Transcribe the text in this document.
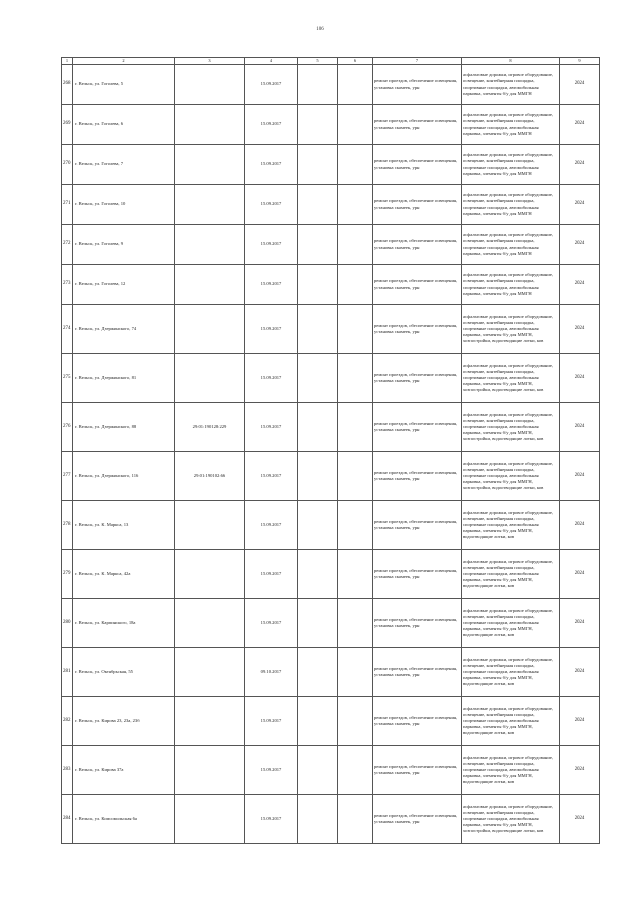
106
1	2	3	4	5	6	7	8	9
268	г. Вельск, ул. Гоголева, 5		15.09.2017			ремонт проездов, обеспечение освещения, установка скамеек, урн	асфальтовые дорожки, игровое оборудование, освещение, контейнерная площадка, спортивные площадки, автомобильная парковка, элементы б/у для ММГН	2024
269	г. Вельск, ул. Гоголева, 6		15.09.2017			ремонт проездов, обеспечение освещения, установка скамеек, урн	асфальтовые дорожки, игровое оборудование, освещение, контейнерная площадка, спортивные площадки, автомобильная парковка, элементы б/у для ММГН	2024
270	г. Вельск, ул. Гоголева, 7		15.09.2017			ремонт проездов, обеспечение освещения, установка скамеек, урн	асфальтовые дорожки, игровое оборудование, освещение, контейнерная площадка, спортивные площадки, автомобильная парковка, элементы б/у для ММГН	2024
271	г. Вельск, ул. Гоголева, 10		15.09.2017			ремонт проездов, обеспечение освещения, установка скамеек, урн	асфальтовые дорожки, игровое оборудование, освещение, контейнерная площадка, спортивные площадки, автомобильная парковка, элементы б/у для ММГН	2024
272	г. Вельск, ул. Гоголева, 9		15.09.2017			ремонт проездов, обеспечение освещения, установка скамеек, урн	асфальтовые дорожки, игровое оборудование, освещение, контейнерная площадка, спортивные площадки, автомобильная парковка, элементы б/у для ММГН	2024
273	г. Вельск, ул. Гоголева, 12		15.09.2017			ремонт проездов, обеспечение освещения, установка скамеек, урн	асфальтовые дорожки, игровое оборудование, освещение, контейнерная площадка, спортивные площадки, автомобильная парковка, элементы б/у для ММГН	2024
274	г. Вельск, ул. Дзержинского, 74		15.09.2017			ремонт проездов, обеспечение освещения, установка скамеек, урн	асфальтовые дорожки, игровое оборудование, освещение, контейнерная площадка, спортивные площадки, автомобильная парковка, элементы б/у для ММГН, хозпостройки, водоотводящие лотки, ков	2024
275	г. Вельск, ул. Дзержинского, 81		15.09.2017			ремонт проездов, обеспечение освещения, установка скамеек, урн	асфальтовые дорожки, игровое оборудование, освещение, контейнерная площадка, спортивные площадки, автомобильная парковка, элементы б/у для ММГН, хозпостройки, водоотводящие лотки, ков	2024
276	г. Вельск, ул. Дзержинского, 88	29:01:190128:229	15.09.2017			ремонт проездов, обеспечение освещения, установка скамеек, урн	асфальтовые дорожки, игровое оборудование, освещение, контейнерная площадка, спортивные площадки, автомобильная парковка, элементы б/у для ММГН, хозпостройки, водоотводящие лотки, ков	2024
277	г. Вельск, ул. Дзержинского, 116	29:01:190102:66	15.09.2017			ремонт проездов, обеспечение освещения, установка скамеек, урн	асфальтовые дорожки, игровое оборудование, освещение, контейнерная площадка, спортивные площадки, автомобильная парковка, элементы б/у для ММГН, хозпостройки, водоотводящие лотки, ков	2024
278	г. Вельск, ул. К. Маркса, 13		15.09.2017			ремонт проездов, обеспечение освещения, установка скамеек, урн	асфальтовые дорожки, игровое оборудование, освещение, контейнерная площадка, спортивные площадки, автомобильная парковка, элементы б/у для ММГН, водоотводящие лотки, ков	2024
279	г. Вельск, ул. К. Маркса, 42а		15.09.2017			ремонт проездов, обеспечение освещения, установка скамеек, урн	асфальтовые дорожки, игровое оборудование, освещение, контейнерная площадка, спортивные площадки, автомобильная парковка, элементы б/у для ММГН, водоотводящие лотки, ков	2024
280	г. Вельск, ул. Карпинского, 18а		15.09.2017			ремонт проездов, обеспечение освещения, установка скамеек, урн	асфальтовые дорожки, игровое оборудование, освещение, контейнерная площадка, спортивные площадки, автомобильная парковка, элементы б/у для ММГН, водоотводящие лотки, ков	2024
281	г. Вельск, ул. Октябрьская, 55		09.10.2017			ремонт проездов, обеспечение освещения, установка скамеек, урн	асфальтовые дорожки, игровое оборудование, освещение, контейнерная площадка, спортивные площадки, автомобильная парковка, элементы б/у для ММГН, водоотводящие лотки, ков	2024
282	г. Вельск, ул. Кирова 23, 23а, 23б		15.09.2017			ремонт проездов, обеспечение освещения, установка скамеек, урн	асфальтовые дорожки, игровое оборудование, освещение, контейнерная площадка, спортивные площадки, автомобильная парковка, элементы б/у для ММГН, водоотводящие лотки, ков	2024
283	г. Вельск, ул. Кирова 37а		15.09.2017			ремонт проездов, обеспечение освещения, установка скамеек, урн	асфальтовые дорожки, игровое оборудование, освещение, контейнерная площадка, спортивные площадки, автомобильная парковка, элементы б/у для ММГН, водоотводящие лотки, ков	2024
284	г. Вельск, ул. Комсомольская 6а		15.09.2017			ремонт проездов, обеспечение освещения, установка скамеек, урн	асфальтовые дорожки, игровое оборудование, освещение, контейнерная площадка, спортивные площадки, автомобильная парковка, элементы б/у для ММГН, хозпостройки, водоотводящие лотки, ков	2024
